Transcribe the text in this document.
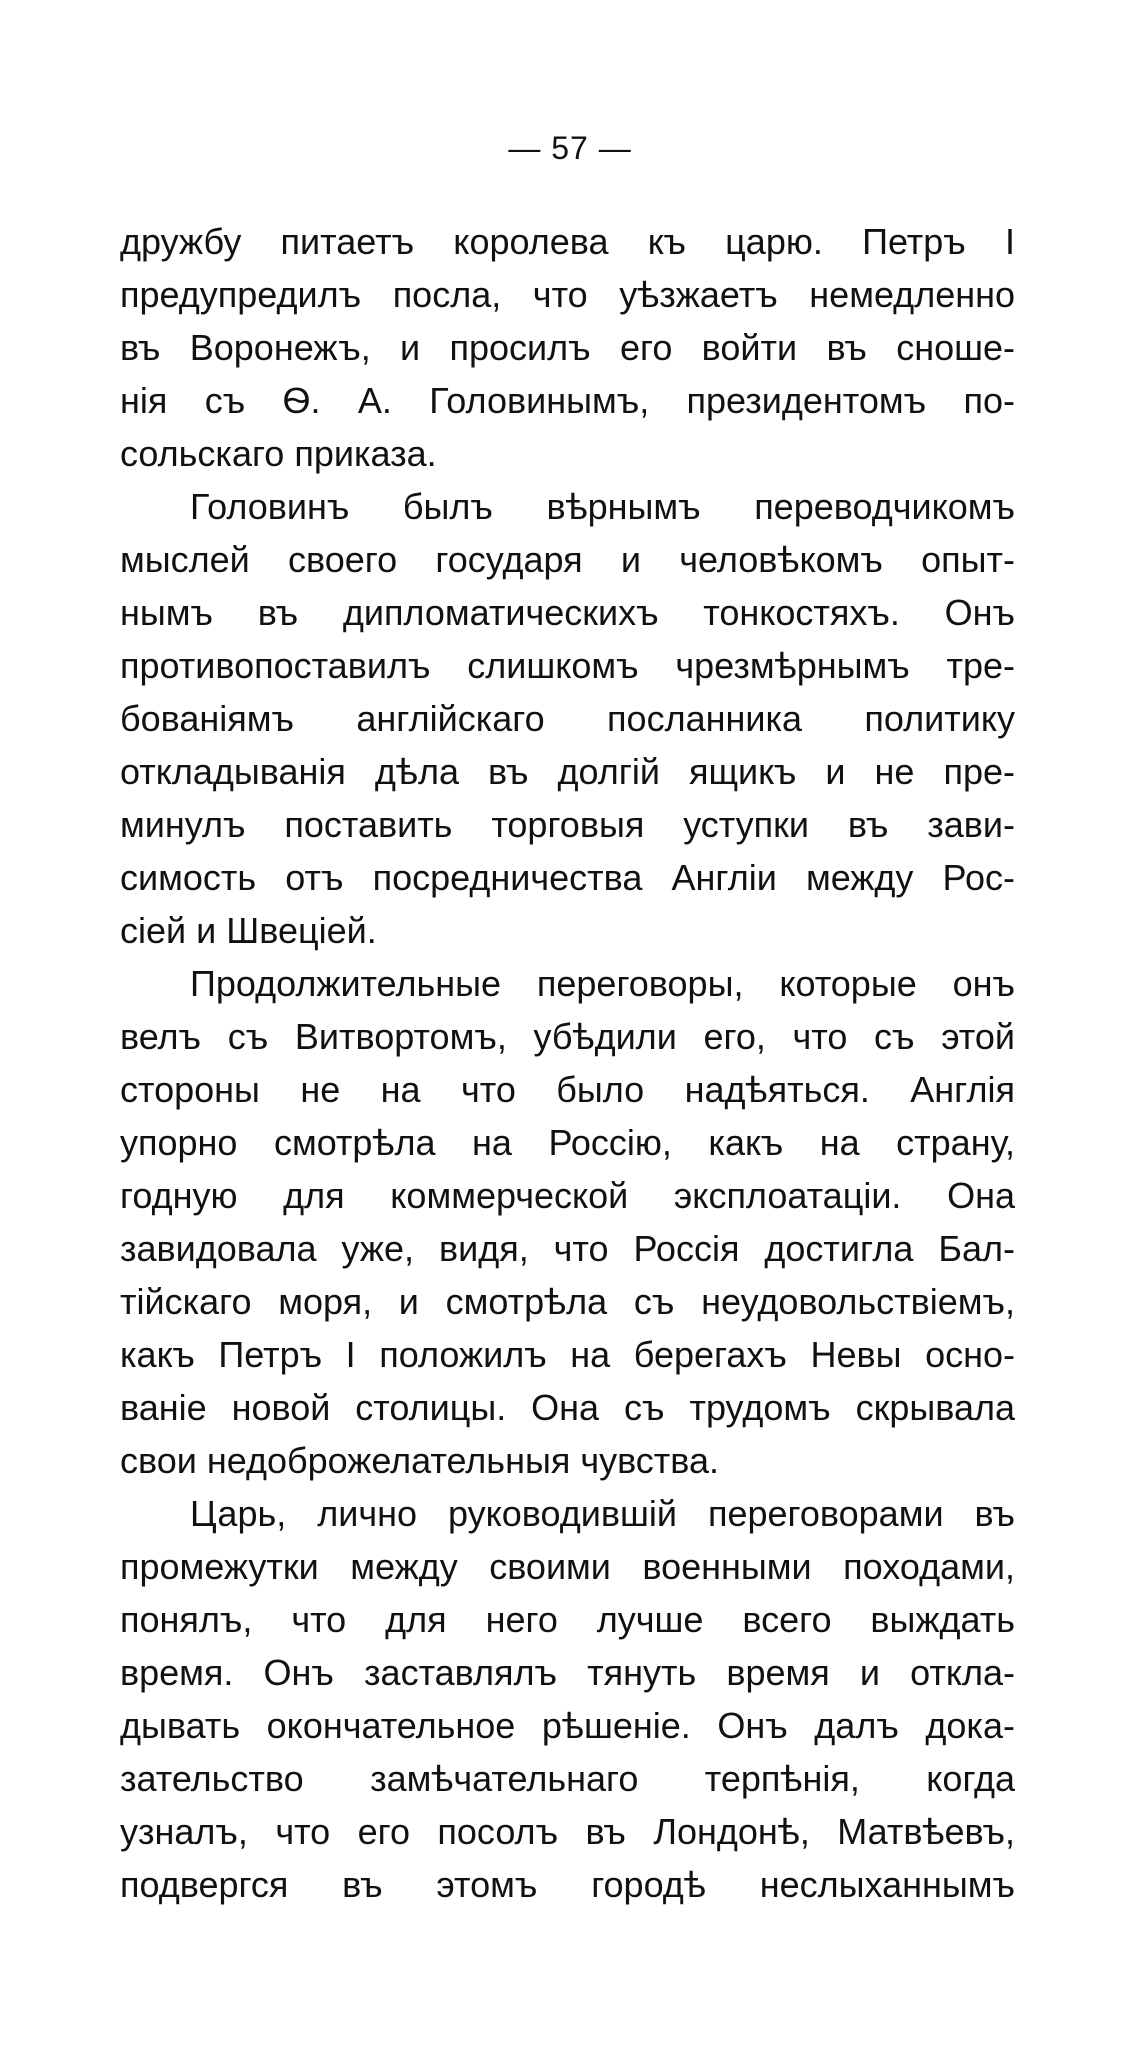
— 57 —
дружбу питаетъ королева къ царю. Петръ I
предупредилъ посла, что уѣзжаетъ немедленно
въ Воронежъ, и просилъ его войти въ сноше-
нія съ Ѳ. А. Головинымъ, президентомъ по-
сольскаго приказа.
Головинъ былъ вѣрнымъ переводчикомъ
мыслей своего государя и человѣкомъ опыт-
нымъ въ дипломатическихъ тонкостяхъ. Онъ
противопоставилъ слишкомъ чрезмѣрнымъ тре-
бованіямъ англійскаго посланника политику
откладыванія дѣла въ долгій ящикъ и не пре-
минулъ поставить торговыя уступки въ зави-
симость отъ посредничества Англіи между Рос-
сіей и Швеціей.
Продолжительные переговоры, которые онъ
велъ съ Витвортомъ, убѣдили его, что съ этой
стороны не на что было надѣяться. Англія
упорно смотрѣла на Россію, какъ на страну,
годную для коммерческой эксплоатаціи. Она
завидовала уже, видя, что Россія достигла Бал-
тійскаго моря, и смотрѣла съ неудовольствіемъ,
какъ Петръ I положилъ на берегахъ Невы осно-
ваніе новой столицы. Она съ трудомъ скрывала
свои недоброжелательныя чувства.
Царь, лично руководившій переговорами въ
промежутки между своими военными походами,
понялъ, что для него лучше всего выждать
время. Онъ заставлялъ тянуть время и откла-
дывать окончательное рѣшеніе. Онъ далъ дока-
зательство замѣчательнаго терпѣнія, когда
узналъ, что его посолъ въ Лондонѣ, Матвѣевъ,
подвергся въ этомъ городѣ неслыханнымъ
